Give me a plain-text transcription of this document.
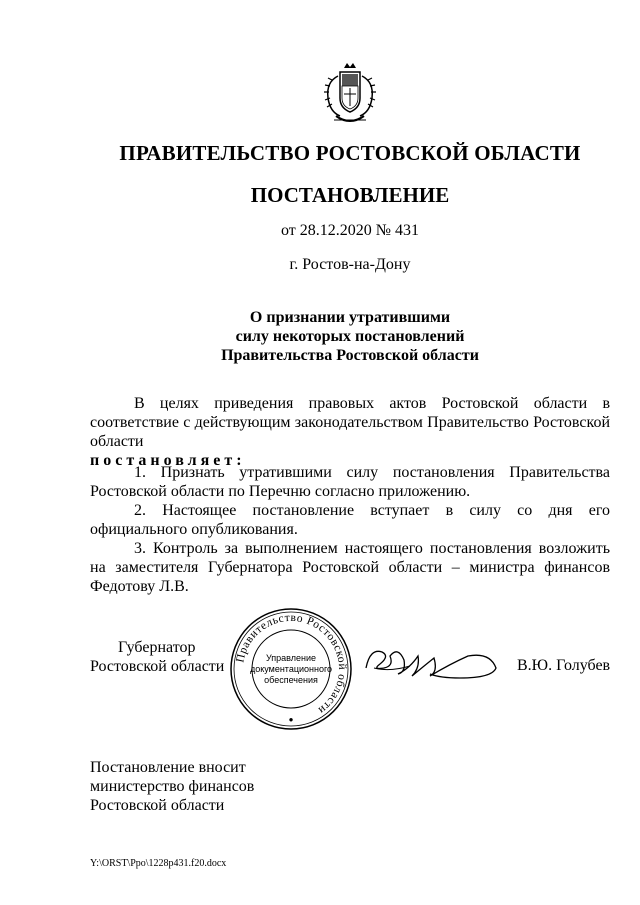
ПРАВИТЕЛЬСТВО РОСТОВСКОЙ ОБЛАСТИ
ПОСТАНОВЛЕНИЕ
от 28.12.2020 № 431
г. Ростов-на-Дону
О признании утратившими
силу некоторых постановлений
Правительства Ростовской области
В целях приведения правовых актов Ростовской области в соответствие с действующим законодательством Правительство Ростовской области
постановляет:
1. Признать утратившими силу постановления Правительства Ростовской области по Перечню согласно приложению.
2. Настоящее постановление вступает в силу со дня его официального опубликования.
3. Контроль за выполнением настоящего постановления возложить на заместителя Губернатора Ростовской области – министра финансов Федотову Л.В.
Губернатор
Ростовской области
Правительство Ростовской области
Управление
документационного
обеспечения
●
В.Ю. Голубев
Постановление вносит
министерство финансов
Ростовской области
Y:\ORST\Ppo\1228p431.f20.docx
